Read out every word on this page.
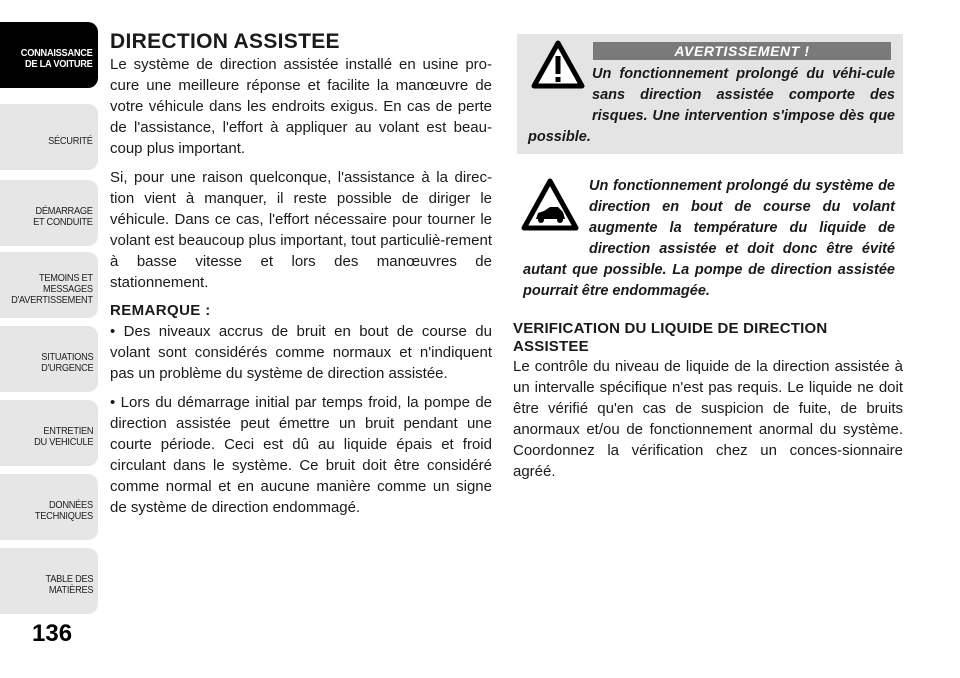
CONNAISSANCE
DE LA VOITURE
SÉCURITÉ
DÉMARRAGE
ET CONDUITE
TEMOINS ET
MESSAGES
D'AVERTISSEMENT
SITUATIONS
D'URGENCE
ENTRETIEN
DU VEHICULE
DONNÉES
TECHNIQUES
TABLE DES
MATIÈRES
136
DIRECTION ASSISTEE

Le système de direction assistée installé en usine pro-cure une meilleure réponse et facilite la manœuvre de votre véhicule dans les endroits exigus. En cas de perte de l'assistance, l'effort à appliquer au volant est beau-coup plus important.

Si, pour une raison quelconque, l'assistance à la direc-tion vient à manquer, il reste possible de diriger le véhicule. Dans ce cas, l'effort nécessaire pour tourner le volant est beaucoup plus important, tout particuliè-rement à basse vitesse et lors des manœuvres de stationnement.

REMARQUE :

• Des niveaux accrus de bruit en bout de course du volant sont considérés comme normaux et n'indiquent pas un problème du système de direction assistée.

• Lors du démarrage initial par temps froid, la pompe de direction assistée peut émettre un bruit pendant une courte période. Ceci est dû au liquide épais et froid circulant dans le système. Ce bruit doit être considéré comme normal et en aucune manière comme un signe de système de direction endommagé.

AVERTISSEMENT !
Un fonctionnement prolongé du véhi-cule sans direction assistée comporte des risques. Une intervention s'impose dès que possible.
Un fonctionnement prolongé du système de direction en bout de course du volant augmente la température du liquide de direction assistée et doit donc être évité autant que possible. La pompe de direction assistée pourrait être endommagée.
VERIFICATION DU LIQUIDE DE DIRECTION ASSISTEE
Le contrôle du niveau de liquide de la direction assistée à un intervalle spécifique n'est pas requis. Le liquide ne doit être vérifié qu'en cas de suspicion de fuite, de bruits anormaux et/ou de fonctionnement anormal du système. Coordonnez la vérification chez un conces-sionnaire agréé.
